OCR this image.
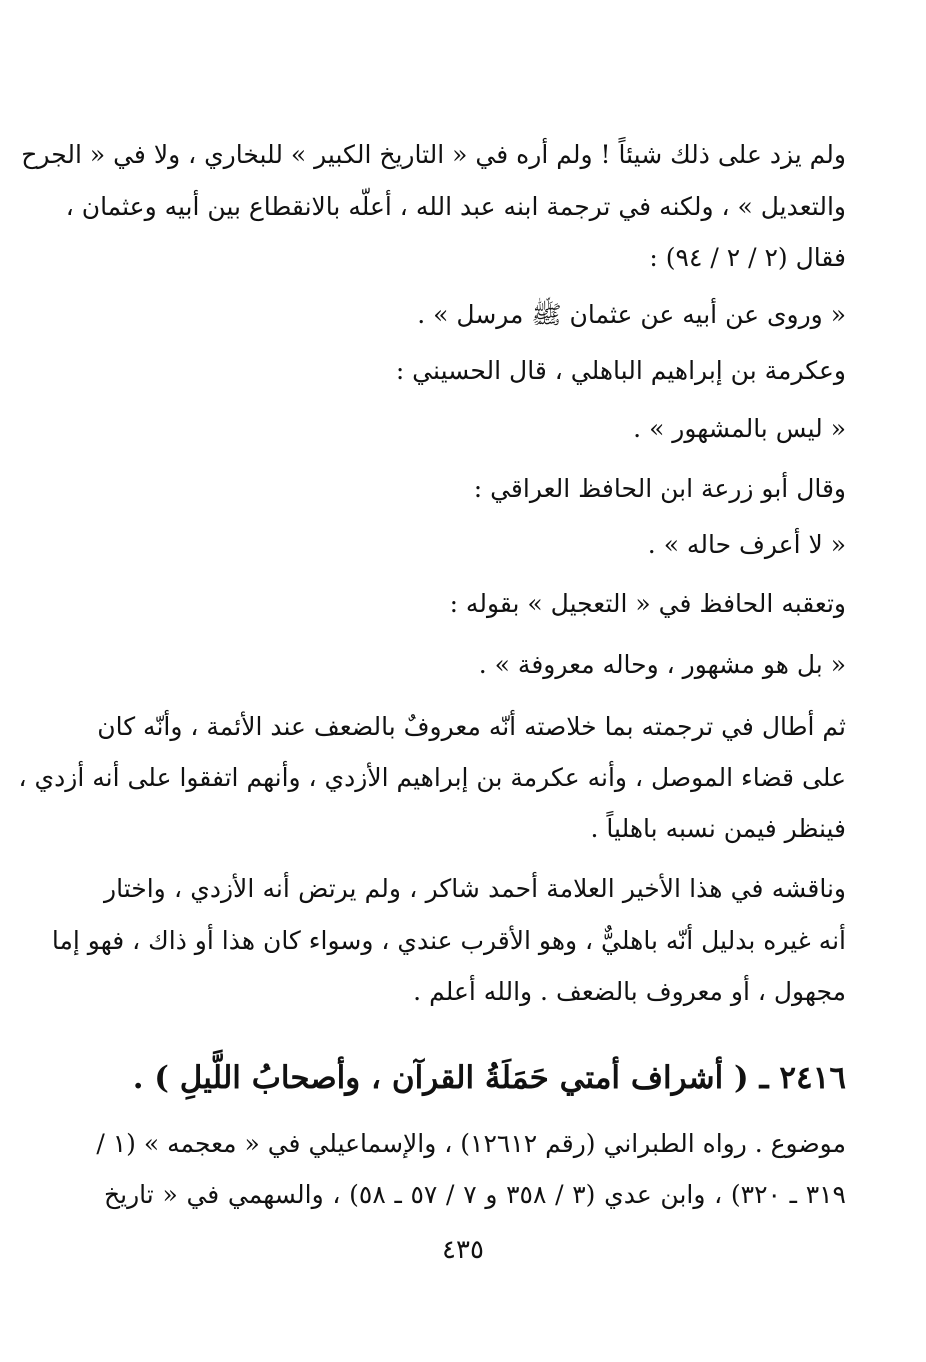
ولم يزد على ذلك شيئاً ! ولم أره في « التاريخ الكبير » للبخاري ، ولا في « الجرح
والتعديل » ، ولكنه في ترجمة ابنه عبد الله ، أعلّه بالانقطاع بين أبيه وعثمان ،
فقال (٢ / ٢ / ٩٤) :
« وروى عن أبيه عن عثمان ﷺ مرسل » .
وعكرمة بن إبراهيم الباهلي ، قال الحسيني :
« ليس بالمشهور » .
وقال أبو زرعة ابن الحافظ العراقي :
« لا أعرف حاله » .
وتعقبه الحافظ في « التعجيل » بقوله :
« بل هو مشهور ، وحاله معروفة » .
ثم أطال في ترجمته بما خلاصته أنّه معروفٌ بالضعف عند الأئمة ، وأنّه كان
على قضاء الموصل ، وأنه عكرمة بن إبراهيم الأزدي ، وأنهم اتفقوا على أنه أزدي ،
فينظر فيمن نسبه باهلياً .
وناقشه في هذا الأخير العلامة أحمد شاكر ، ولم يرتض أنه الأزدي ، واختار
أنه غيره بدليل أنّه باهليٌّ ، وهو الأقرب عندي ، وسواء كان هذا أو ذاك ، فهو إما
مجهول ، أو معروف بالضعف . والله أعلم .
٢٤١٦ ـ ( أشراف أمتي حَمَلَةُ القرآن ، وأصحابُ اللَّيلِ ) .
موضوع . رواه الطبراني (رقم ١٢٦١٢) ، والإسماعيلي في « معجمه » (١ /
٣١٩ ـ ٣٢٠) ، وابن عدي (٣ / ٣٥٨ و ٧ / ٥٧ ـ ٥٨) ، والسهمي في « تاريخ
٤٣٥
